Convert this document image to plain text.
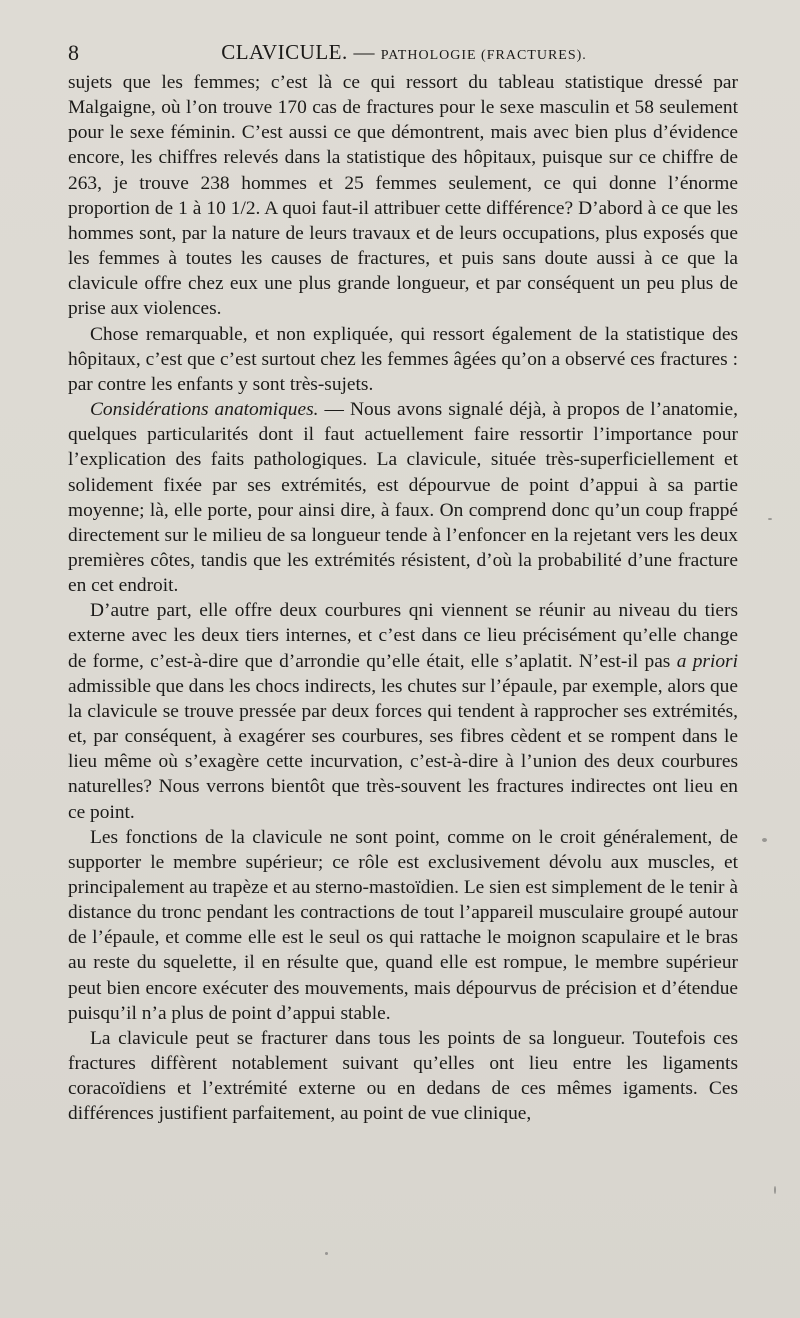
8	CLAVICULE. — PATHOLOGIE (FRACTURES).

sujets que les femmes; c’est là ce qui ressort du tableau statistique dressé par Malgaigne, où l’on trouve 170 cas de fractures pour le sexe masculin et 58 seulement pour le sexe féminin. C’est aussi ce que démontrent, mais avec bien plus d’évidence encore, les chiffres relevés dans la statistique des hôpitaux, puisque sur ce chiffre de 263, je trouve 238 hommes et 25 femmes seulement, ce qui donne l’énorme proportion de 1 à 10 1/2. A quoi faut-il attribuer cette différence? D’abord à ce que les hommes sont, par la nature de leurs travaux et de leurs occupations, plus exposés que les femmes à toutes les causes de fractures, et puis sans doute aussi à ce que la clavicule offre chez eux une plus grande longueur, et par conséquent un peu plus de prise aux violences.

Chose remarquable, et non expliquée, qui ressort également de la statistique des hôpitaux, c’est que c’est surtout chez les femmes âgées qu’on a observé ces fractures : par contre les enfants y sont très-sujets.

Considérations anatomiques. — Nous avons signalé déjà, à propos de l’anatomie, quelques particularités dont il faut actuellement faire ressortir l’importance pour l’explication des faits pathologiques. La clavicule, située très-superficiellement et solidement fixée par ses extrémités, est dépourvue de point d’appui à sa partie moyenne; là, elle porte, pour ainsi dire, à faux. On comprend donc qu’un coup frappé directement sur le milieu de sa longueur tende à l’enfoncer en la rejetant vers les deux premières côtes, tandis que les extrémités résistent, d’où la probabilité d’une fracture en cet endroit.

D’autre part, elle offre deux courbures qni viennent se réunir au niveau du tiers externe avec les deux tiers internes, et c’est dans ce lieu précisément qu’elle change de forme, c’est-à-dire que d’arrondie qu’elle était, elle s’aplatit. N’est-il pas a priori admissible que dans les chocs indirects, les chutes sur l’épaule, par exemple, alors que la clavicule se trouve pressée par deux forces qui tendent à rapprocher ses extrémités, et, par conséquent, à exagérer ses courbures, ses fibres cèdent et se rompent dans le lieu même où s’exagère cette incurvation, c’est-à-dire à l’union des deux courbures naturelles? Nous verrons bientôt que très-souvent les fractures indirectes ont lieu en ce point.

Les fonctions de la clavicule ne sont point, comme on le croit généralement, de supporter le membre supérieur; ce rôle est exclusivement dévolu aux muscles, et principalement au trapèze et au sterno-mastoïdien. Le sien est simplement de le tenir à distance du tronc pendant les contractions de tout l’appareil musculaire groupé autour de l’épaule, et comme elle est le seul os qui rattache le moignon scapulaire et le bras au reste du squelette, il en résulte que, quand elle est rompue, le membre supérieur peut bien encore exécuter des mouvements, mais dépourvus de précision et d’étendue puisqu’il n’a plus de point d’appui stable.

La clavicule peut se fracturer dans tous les points de sa longueur. Toutefois ces fractures diffèrent notablement suivant qu’elles ont lieu entre les ligaments coracoïdiens et l’extrémité externe ou en dedans de ces mêmes igaments. Ces différences justifient parfaitement, au point de vue clinique,
